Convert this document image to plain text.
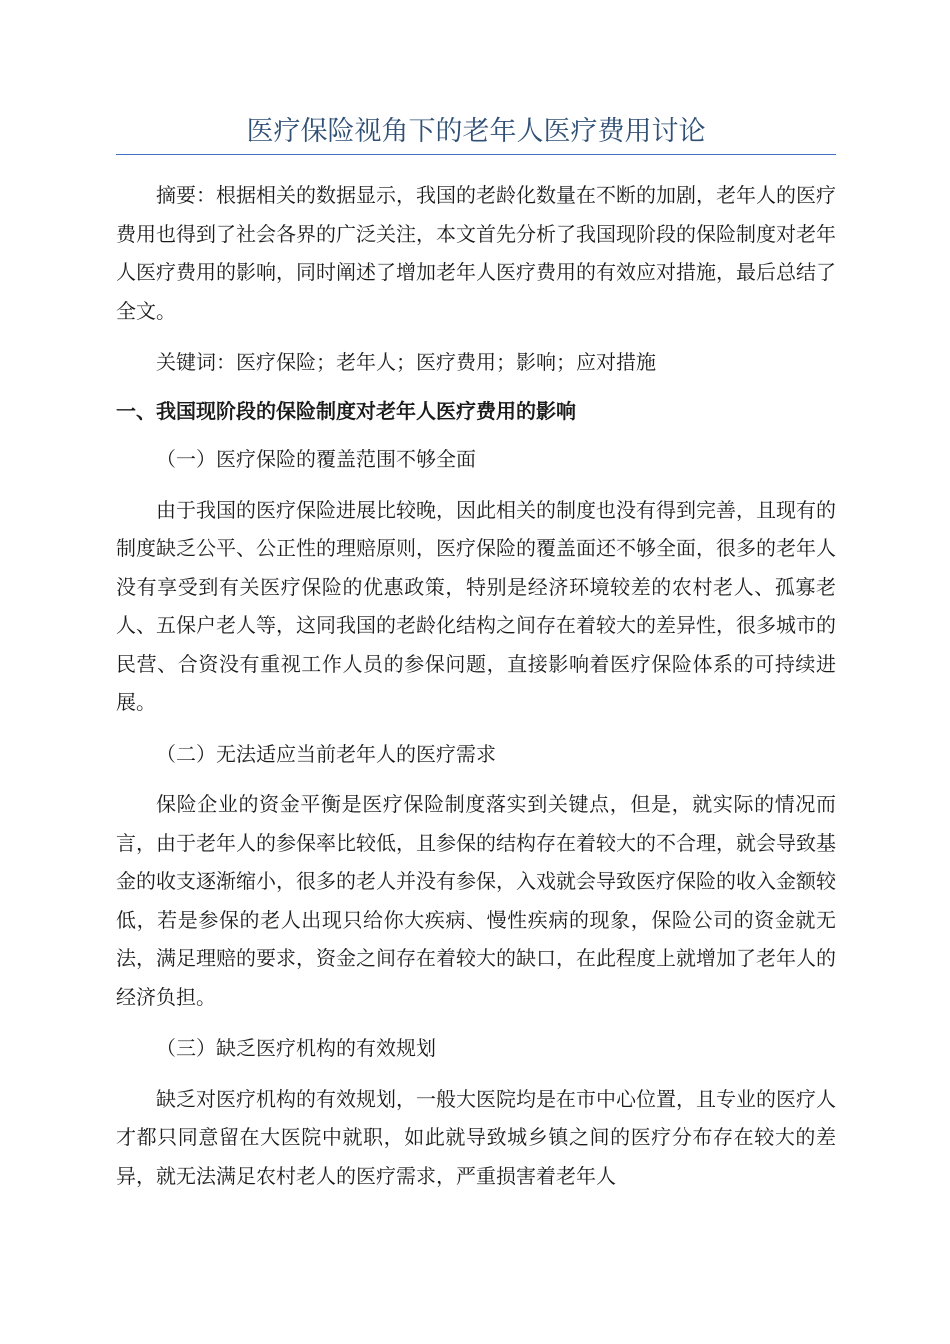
医疗保险视角下的老年人医疗费用讨论

摘要：根据相关的数据显示，我国的老龄化数量在不断的加剧，老年人的医疗费用也得到了社会各界的广泛关注，本文首先分析了我国现阶段的保险制度对老年人医疗费用的影响，同时阐述了增加老年人医疗费用的有效应对措施，最后总结了全文。

关键词：医疗保险；老年人；医疗费用；影响；应对措施

一、我国现阶段的保险制度对老年人医疗费用的影响
（一）医疗保险的覆盖范围不够全面

由于我国的医疗保险进展比较晚，因此相关的制度也没有得到完善，且现有的制度缺乏公平、公正性的理赔原则，医疗保险的覆盖面还不够全面，很多的老年人没有享受到有关医疗保险的优惠政策，特别是经济环境较差的农村老人、孤寡老人、五保户老人等，这同我国的老龄化结构之间存在着较大的差异性，很多城市的民营、合资没有重视工作人员的参保问题，直接影响着医疗保险体系的可持续进展。

（二）无法适应当前老年人的医疗需求

保险企业的资金平衡是医疗保险制度落实到关键点，但是，就实际的情况而言，由于老年人的参保率比较低，且参保的结构存在着较大的不合理，就会导致基金的收支逐渐缩小，很多的老人并没有参保，入戏就会导致医疗保险的收入金额较低，若是参保的老人出现只给你大疾病、慢性疾病的现象，保险公司的资金就无法，满足理赔的要求，资金之间存在着较大的缺口，在此程度上就增加了老年人的经济负担。

（三）缺乏医疗机构的有效规划

缺乏对医疗机构的有效规划，一般大医院均是在市中心位置，且专业的医疗人才都只同意留在大医院中就职，如此就导致城乡镇之间的医疗分布存在较大的差异，就无法满足农村老人的医疗需求，严重损害着老年人
